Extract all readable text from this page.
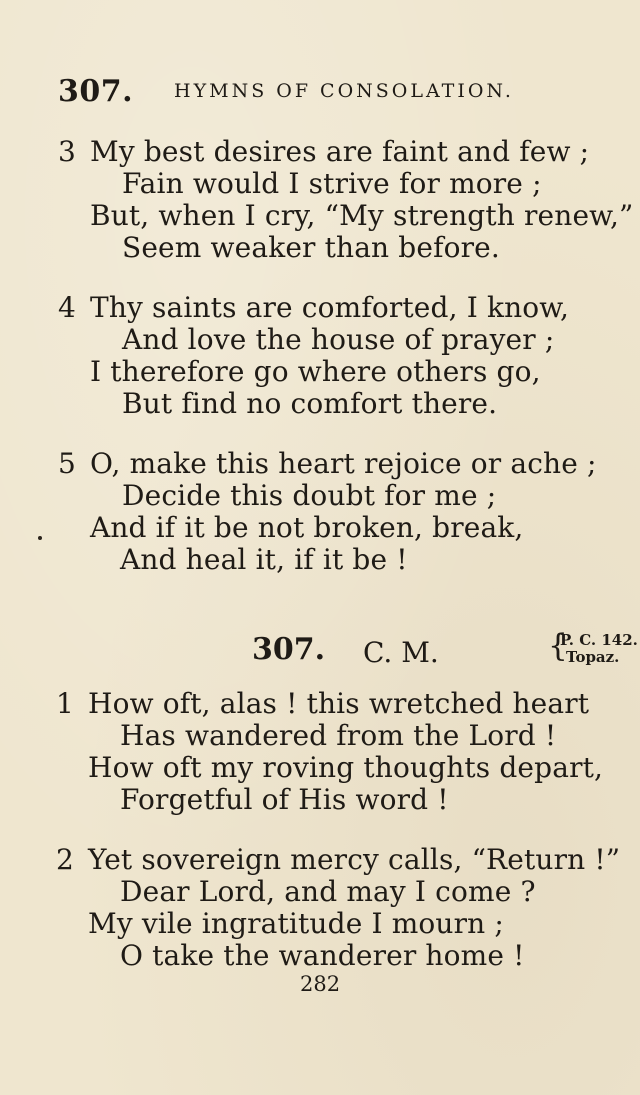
307. HYMNS OF CONSOLATION.
3 My best desires are faint and few ;
Fain would I strive for more ;
But, when I cry, “My strength renew,”
Seem weaker than before.
4 Thy saints are comforted, I know,
And love the house of prayer ;
I therefore go where others go,
But find no comfort there.
5 O, make this heart rejoice or ache ;
Decide this doubt for me ;
And if it be not broken, break,
And heal it, if it be !
307. C. M.	{
P. C. 142.
Topaz.
1 How oft, alas ! this wretched heart
Has wandered from the Lord !
How oft my roving thoughts depart,
Forgetful of His word !
2 Yet sovereign mercy calls, “Return !”
Dear Lord, and may I come ?
My vile ingratitude I mourn ;
O take the wanderer home !
282
